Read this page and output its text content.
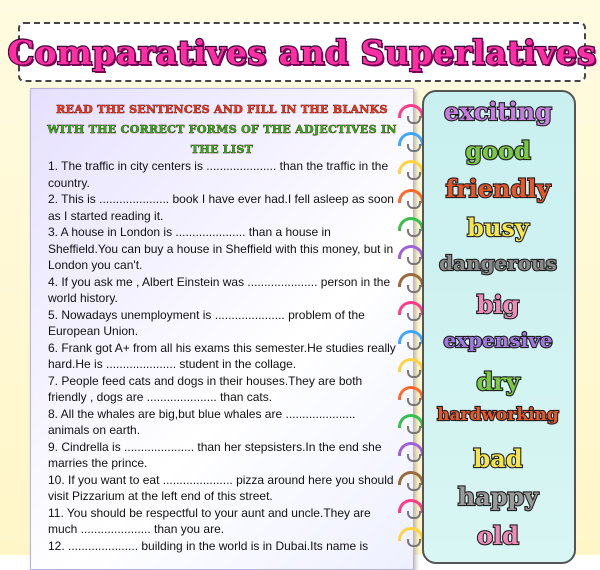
Comparatives and Superlatives
READ THE SENTENCES AND FILL IN THE BLANKS
WITH THE CORRECT FORMS OF THE ADJECTIVES IN THE LIST

1. The traffic in city centers is ..................... than the traffic in the country.

2. This is ..................... book I have ever had.I fell asleep as soon as I started reading it.

3. A house in London is ..................... than a house in Sheffield.You can buy a house in Sheffield with this money, but in London you can't.

4. If you ask me , Albert Einstein was ..................... person in the world history.

5. Nowadays unemployment is ..................... problem of the European Union.

6. Frank got A+ from all his exams this semester.He studies really hard.He is ..................... student in the collage.

7. People feed cats and dogs in their houses.They are both friendly , dogs are ..................... than cats.

8. All the whales are big,but blue whales are ..................... animals on earth.

9. Cindrella is ..................... than her stepsisters.In the end she marries the prince.

10. If you want to eat ..................... pizza around here you should visit Pizzarium at the left end of this street.

11. You should be respectful to your aunt and uncle.They are much ..................... than you are.

12. ..................... building in the world is in Dubai.Its name is

exciting
good
friendly
busy
dangerous
big
expensive
dry
hardworking
bad
happy
old
